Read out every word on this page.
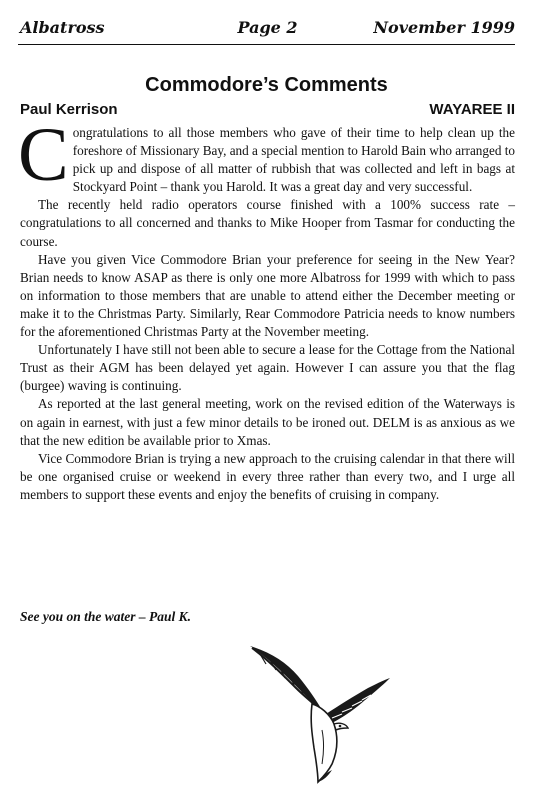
Albatross	Page 2	November 1999
Commodore’s Comments
Paul Kerrison	WAYAREE II

Congratulations to all those members who gave of their time to help clean up the foreshore of Missionary Bay, and a special mention to Harold Bain who arranged to pick up and dispose of all matter of rubbish that was collected and left in bags at Stockyard Point – thank you Harold. It was a great day and very successful.

The recently held radio operators course finished with a 100% success rate – congratulations to all concerned and thanks to Mike Hooper from Tasmar for conducting the course.

Have you given Vice Commodore Brian your preference for seeing in the New Year? Brian needs to know ASAP as there is only one more Albatross for 1999 with which to pass on information to those members that are unable to attend either the December meeting or make it to the Christmas Party. Similarly, Rear Commodore Patricia needs to know numbers for the aforementioned Christmas Party at the November meeting.

Unfortunately I have still not been able to secure a lease for the Cottage from the National Trust as their AGM has been delayed yet again. However I can assure you that the flag (burgee) waving is continuing.

As reported at the last general meeting, work on the revised edition of the Waterways is on again in earnest, with just a few minor details to be ironed out. DELM is as anxious as we that the new edition be available prior to Xmas.

Vice Commodore Brian is trying a new approach to the cruising calendar in that there will be one organised cruise or weekend in every three rather than every two, and I urge all members to support these events and enjoy the benefits of cruising in company.

See you on the water – Paul K.
